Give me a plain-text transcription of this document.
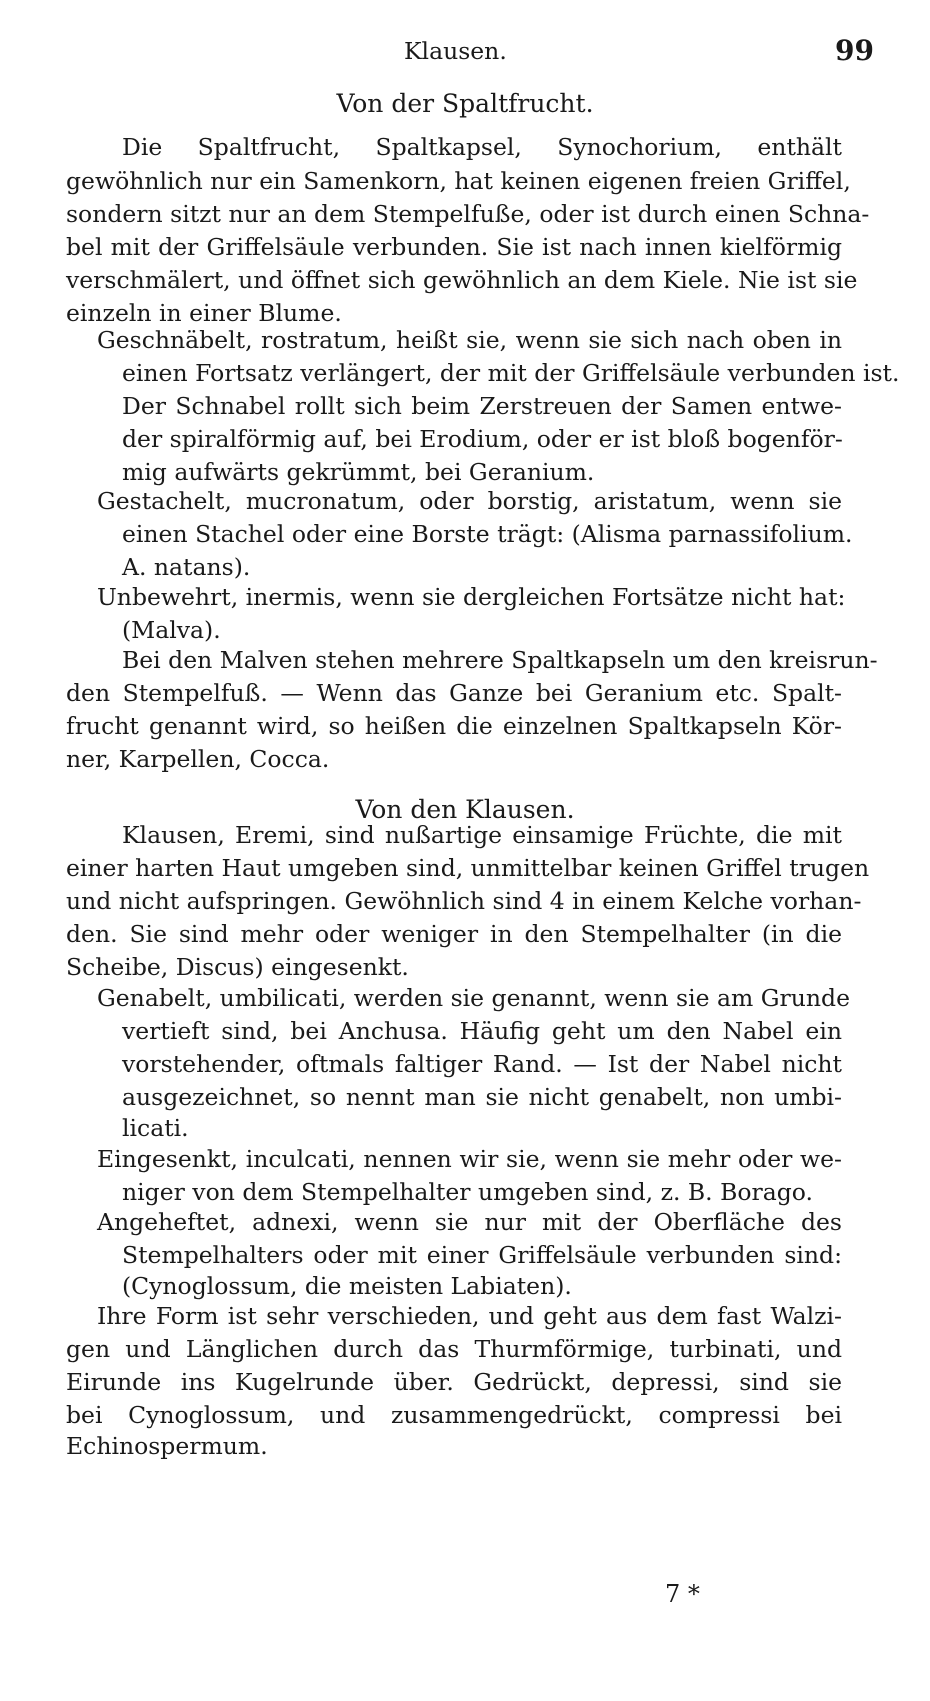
Klausen.	99
Von der Spaltfrucht.
Die Spaltfrucht, Spaltkapsel, Synochorium, enthält
gewöhnlich nur ein Samenkorn, hat keinen eigenen freien Griffel,
sondern sitzt nur an dem Stempelfuße, oder ist durch einen Schna-
bel mit der Griffelsäule verbunden. Sie ist nach innen kielförmig
verschmälert, und öffnet sich gewöhnlich an dem Kiele. Nie ist sie
einzeln in einer Blume.
Geschnäbelt, rostratum, heißt sie, wenn sie sich nach oben in
einen Fortsatz verlängert, der mit der Griffelsäule verbunden ist.
Der Schnabel rollt sich beim Zerstreuen der Samen entwe-
der spiralförmig auf, bei Erodium, oder er ist bloß bogenför-
mig aufwärts gekrümmt, bei Geranium.
Gestachelt, mucronatum, oder borstig, aristatum, wenn sie
einen Stachel oder eine Borste trägt: (Alisma parnassifolium.
A. natans).
Unbewehrt, inermis, wenn sie dergleichen Fortsätze nicht hat:
(Malva).
Bei den Malven stehen mehrere Spaltkapseln um den kreisrun-
den Stempelfuß. — Wenn das Ganze bei Geranium etc. Spalt-
frucht genannt wird, so heißen die einzelnen Spaltkapseln Kör-
ner, Karpellen, Cocca.
Von den Klausen.
Klausen, Eremi, sind nußartige einsamige Früchte, die mit
einer harten Haut umgeben sind, unmittelbar keinen Griffel trugen
und nicht aufspringen. Gewöhnlich sind 4 in einem Kelche vorhan-
den. Sie sind mehr oder weniger in den Stempelhalter (in die
Scheibe, Discus) eingesenkt.
Genabelt, umbilicati, werden sie genannt, wenn sie am Grunde
vertieft sind, bei Anchusa. Häufig geht um den Nabel ein
vorstehender, oftmals faltiger Rand. — Ist der Nabel nicht
ausgezeichnet, so nennt man sie nicht genabelt, non umbi-
licati.
Eingesenkt, inculcati, nennen wir sie, wenn sie mehr oder we-
niger von dem Stempelhalter umgeben sind, z. B. Borago.
Angeheftet, adnexi, wenn sie nur mit der Oberfläche des
Stempelhalters oder mit einer Griffelsäule verbunden sind:
(Cynoglossum, die meisten Labiaten).
Ihre Form ist sehr verschieden, und geht aus dem fast Walzi-
gen und Länglichen durch das Thurmförmige, turbinati, und
Eirunde ins Kugelrunde über. Gedrückt, depressi, sind sie
bei Cynoglossum, und zusammengedrückt, compressi bei
Echinospermum.
7 *
